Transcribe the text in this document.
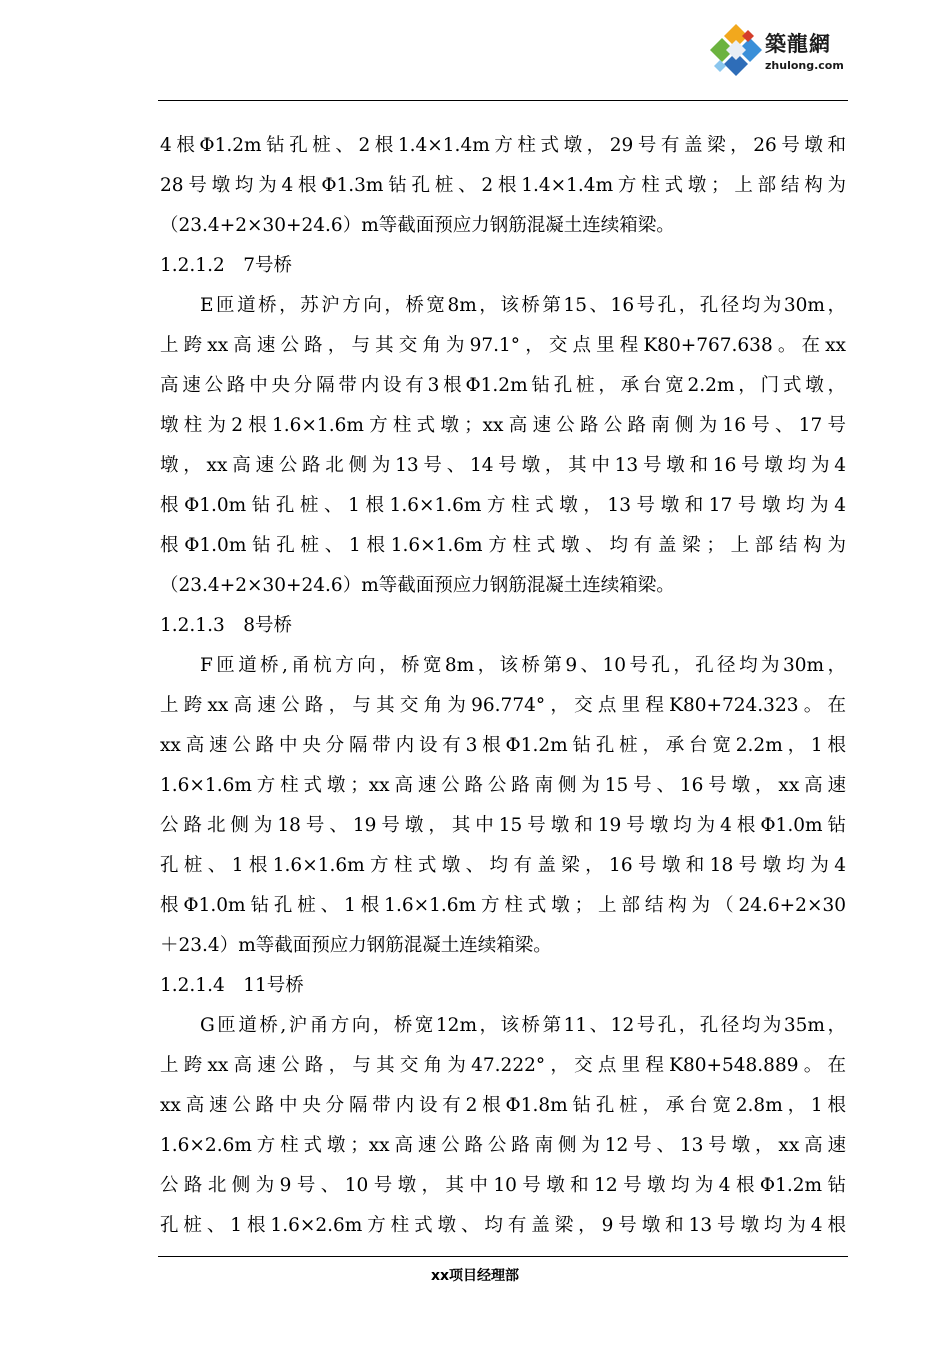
築龍網
zhulong.com
4根Φ1.2m钻孔桩、2根1.4×1.4m方柱式墩，29号有盖梁，26号墩和
28号墩均为4根Φ1.3m钻孔桩、2根1.4×1.4m方柱式墩；上部结构为
（23.4+2×30+24.6）m等截面预应力钢筋混凝土连续箱梁。
1.2.1.2　7号桥
E匝道桥，苏沪方向，桥宽8m，该桥第15、16号孔，孔径均为30m，
上跨xx高速公路，与其交角为97.1°，交点里程K80+767.638。在xx
高速公路中央分隔带内设有3根Φ1.2m钻孔桩，承台宽2.2m，门式墩，
墩柱为2根1.6×1.6m方柱式墩；xx高速公路公路南侧为16号、17号
墩，xx高速公路北侧为13号、14号墩，其中13号墩和16号墩均为4
根Φ1.0m钻孔桩、1根1.6×1.6m方柱式墩，13号墩和17号墩均为4
根Φ1.0m钻孔桩、1根1.6×1.6m方柱式墩、均有盖梁；上部结构为
（23.4+2×30+24.6）m等截面预应力钢筋混凝土连续箱梁。
1.2.1.3　8号桥
F匝道桥,甬杭方向，桥宽8m，该桥第9、10号孔，孔径均为30m，
上跨xx高速公路，与其交角为96.774°，交点里程K80+724.323。在
xx高速公路中央分隔带内设有3根Φ1.2m钻孔桩，承台宽2.2m，1根
1.6×1.6m方柱式墩；xx高速公路公路南侧为15号、16号墩，xx高速
公路北侧为18号、19号墩，其中15号墩和19号墩均为4根Φ1.0m钻
孔桩、1根1.6×1.6m方柱式墩、均有盖梁，16号墩和18号墩均为4
根Φ1.0m钻孔桩、1根1.6×1.6m方柱式墩；上部结构为（24.6+2×30
＋23.4）m等截面预应力钢筋混凝土连续箱梁。
1.2.1.4　11号桥
G匝道桥,沪甬方向，桥宽12m，该桥第11、12号孔，孔径均为35m，
上跨xx高速公路，与其交角为47.222°，交点里程K80+548.889。在
xx高速公路中央分隔带内设有2根Φ1.8m钻孔桩，承台宽2.8m，1根
1.6×2.6m方柱式墩；xx高速公路公路南侧为12号、13号墩，xx高速
公路北侧为9号、10号墩，其中10号墩和12号墩均为4根Φ1.2m钻
孔桩、1根1.6×2.6m方柱式墩、均有盖梁，9号墩和13号墩均为4根
xx项目经理部
